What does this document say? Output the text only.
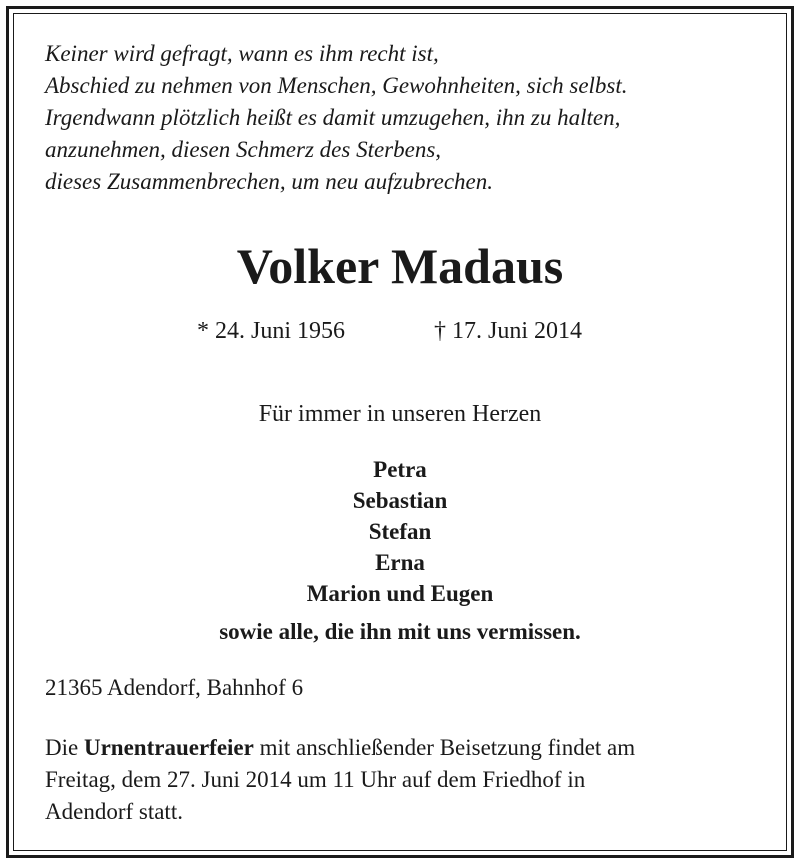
Keiner wird gefragt, wann es ihm recht ist,
Abschied zu nehmen von Menschen, Gewohnheiten, sich selbst.
Irgendwann plötzlich heißt es damit umzugehen, ihn zu halten,
anzunehmen, diesen Schmerz des Sterbens,
dieses Zusammenbrechen, um neu aufzubrechen.
Volker Madaus
* 24. Juni 1956	† 17. Juni 2014
Für immer in unseren Herzen
Petra
Sebastian
Stefan
Erna
Marion und Eugen
sowie alle, die ihn mit uns vermissen.
21365 Adendorf, Bahnhof 6
Die Urnentrauerfeier mit anschließender Beisetzung findet am
Freitag, dem 27. Juni 2014 um 11 Uhr auf dem Friedhof in
Adendorf statt.
